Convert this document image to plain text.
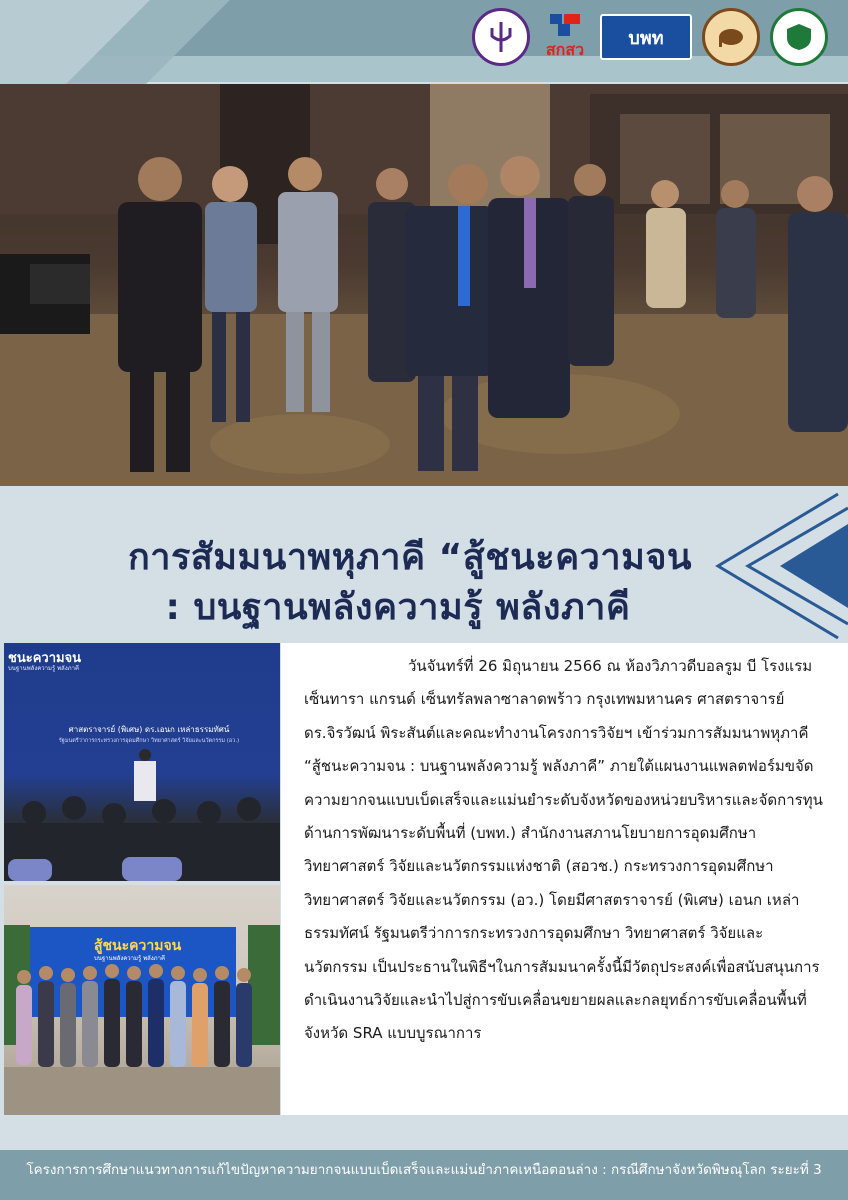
สกสว
บพท
การสัมมนาพหุภาคี “สู้ชนะความจน
: บนฐานพลังความรู้ พลังภาคี
ชนะความจน
บนฐานพลังความรู้ พลังภาคี
ศาสตราจารย์ (พิเศษ) ดร.เอนก เหล่าธรรมทัศน์
รัฐมนตรีว่าการกระทรวงการอุดมศึกษา วิทยาศาสตร์ วิจัยและนวัตกรรม (อว.)
สู้ชนะความจน
บนฐานพลังความรู้ พลังภาคี

วันจันทร์ที่ 26 มิถุนายน 2566 ณ ห้องวิภาวดีบอลรูม บี โรงแรมเซ็นทารา แกรนด์ เซ็นทรัลพลาซาลาดพร้าว กรุงเทพมหานคร ศาสตราจารย์ ดร.จิรวัฒน์ พิระสันต์และคณะทำงานโครงการวิจัยฯ เข้าร่วมการสัมมนาพหุภาคี “สู้ชนะความจน : บนฐานพลังความรู้ พลังภาคี” ภายใต้แผนงานแพลตฟอร์มขจัดความยากจนแบบเบ็ดเสร็จและแม่นยำระดับจังหวัดของหน่วยบริหารและจัดการทุนด้านการพัฒนาระดับพื้นที่ (บพท.) สำนักงานสภานโยบายการอุดมศึกษา วิทยาศาสตร์ วิจัยและนวัตกรรมแห่งชาติ (สอวช.) กระทรวงการอุดมศึกษา วิทยาศาสตร์ วิจัยและนวัตกรรม (อว.) โดยมีศาสตราจารย์ (พิเศษ) เอนก เหล่าธรรมทัศน์ รัฐมนตรีว่าการกระทรวงการอุดมศึกษา วิทยาศาสตร์ วิจัยและนวัตกรรม เป็นประธานในพิธีฯในการสัมมนาครั้งนี้มีวัตถุประสงค์เพื่อสนับสนุนการดำเนินงานวิจัยและนำไปสู่การขับเคลื่อนขยายผลและกลยุทธ์การขับเคลื่อนพื้นที่จังหวัด SRA แบบบูรณาการ

โครงการการศึกษาแนวทางการแก้ไขปัญหาความยากจนแบบเบ็ดเสร็จและแม่นยำภาคเหนือตอนล่าง : กรณีศึกษาจังหวัดพิษณุโลก ระยะที่ 3
